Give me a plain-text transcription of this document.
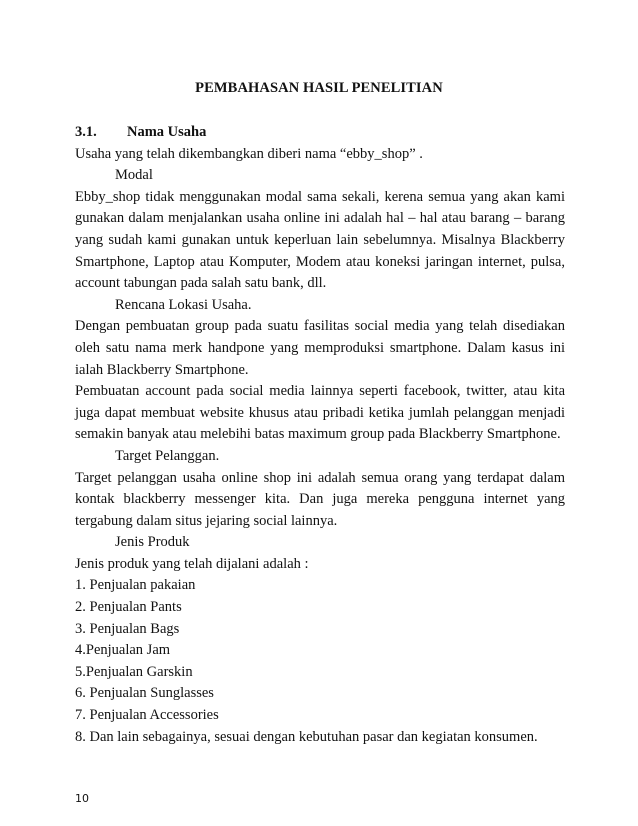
PEMBAHASAN HASIL PENELITIAN
3.1.	Nama Usaha

Usaha yang telah dikembangkan diberi nama “ebby_shop” .

Modal

Ebby_shop tidak menggunakan modal sama sekali, kerena semua yang akan kami gunakan dalam menjalankan usaha online ini adalah hal – hal atau barang – barang yang sudah kami gunakan untuk keperluan lain sebelumnya. Misalnya Blackberry Smartphone, Laptop atau Komputer, Modem atau koneksi jaringan internet, pulsa, account tabungan pada salah satu bank, dll.

Rencana Lokasi Usaha.

Dengan pembuatan group pada suatu fasilitas social media yang telah disediakan oleh satu nama merk handpone yang memproduksi smartphone. Dalam kasus ini ialah Blackberry Smartphone.

Pembuatan account pada social media lainnya seperti facebook, twitter, atau kita juga dapat membuat website khusus atau pribadi ketika jumlah pelanggan menjadi semakin banyak atau melebihi batas maximum group pada Blackberry Smartphone.

Target Pelanggan.

Target pelanggan usaha online shop ini adalah semua orang yang terdapat dalam kontak blackberry messenger kita. Dan juga mereka pengguna internet yang tergabung dalam situs jejaring social lainnya.

Jenis Produk

Jenis produk yang telah dijalani adalah :

1. Penjualan pakaian

2. Penjualan Pants

3. Penjualan Bags

4.Penjualan Jam

5.Penjualan Garskin

6. Penjualan Sunglasses

7. Penjualan Accessories

8. Dan lain sebagainya, sesuai dengan kebutuhan pasar dan kegiatan konsumen.

10
